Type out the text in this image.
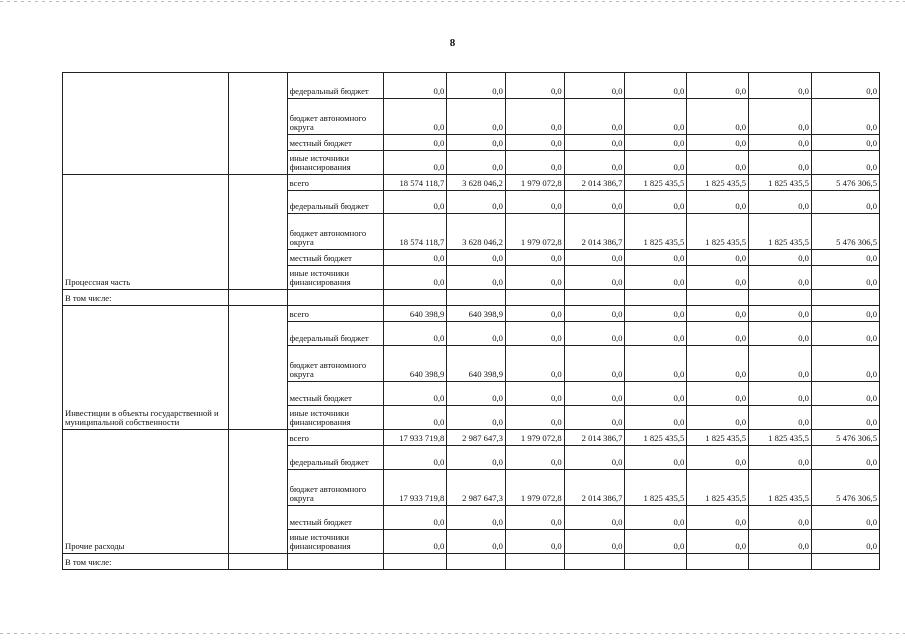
8
		федеральный бюджет	0,0	0,0	0,0	0,0	0,0	0,0	0,0	0,0
		бюджет автономного округа	0,0	0,0	0,0	0,0	0,0	0,0	0,0	0,0
		местный бюджет	0,0	0,0	0,0	0,0	0,0	0,0	0,0	0,0
		иные источники финансирования	0,0	0,0	0,0	0,0	0,0	0,0	0,0	0,0
Процессная часть		всего	18 574 118,7	3 628 046,2	1 979 072,8	2 014 386,7	1 825 435,5	1 825 435,5	1 825 435,5	5 476 306,5
		федеральный бюджет	0,0	0,0	0,0	0,0	0,0	0,0	0,0	0,0
		бюджет автономного округа	18 574 118,7	3 628 046,2	1 979 072,8	2 014 386,7	1 825 435,5	1 825 435,5	1 825 435,5	5 476 306,5
		местный бюджет	0,0	0,0	0,0	0,0	0,0	0,0	0,0	0,0
		иные источники финансирования	0,0	0,0	0,0	0,0	0,0	0,0	0,0	0,0
В том числе:										
Инвестиции в объекты государственной и муниципальной собственности		всего	640 398,9	640 398,9	0,0	0,0	0,0	0,0	0,0	0,0
		федеральный бюджет	0,0	0,0	0,0	0,0	0,0	0,0	0,0	0,0
		бюджет автономного округа	640 398,9	640 398,9	0,0	0,0	0,0	0,0	0,0	0,0
		местный бюджет	0,0	0,0	0,0	0,0	0,0	0,0	0,0	0,0
		иные источники финансирования	0,0	0,0	0,0	0,0	0,0	0,0	0,0	0,0
Прочие расходы		всего	17 933 719,8	2 987 647,3	1 979 072,8	2 014 386,7	1 825 435,5	1 825 435,5	1 825 435,5	5 476 306,5
		федеральный бюджет	0,0	0,0	0,0	0,0	0,0	0,0	0,0	0,0
		бюджет автономного округа	17 933 719,8	2 987 647,3	1 979 072,8	2 014 386,7	1 825 435,5	1 825 435,5	1 825 435,5	5 476 306,5
		местный бюджет	0,0	0,0	0,0	0,0	0,0	0,0	0,0	0,0
		иные источники финансирования	0,0	0,0	0,0	0,0	0,0	0,0	0,0	0,0
В том числе:										
